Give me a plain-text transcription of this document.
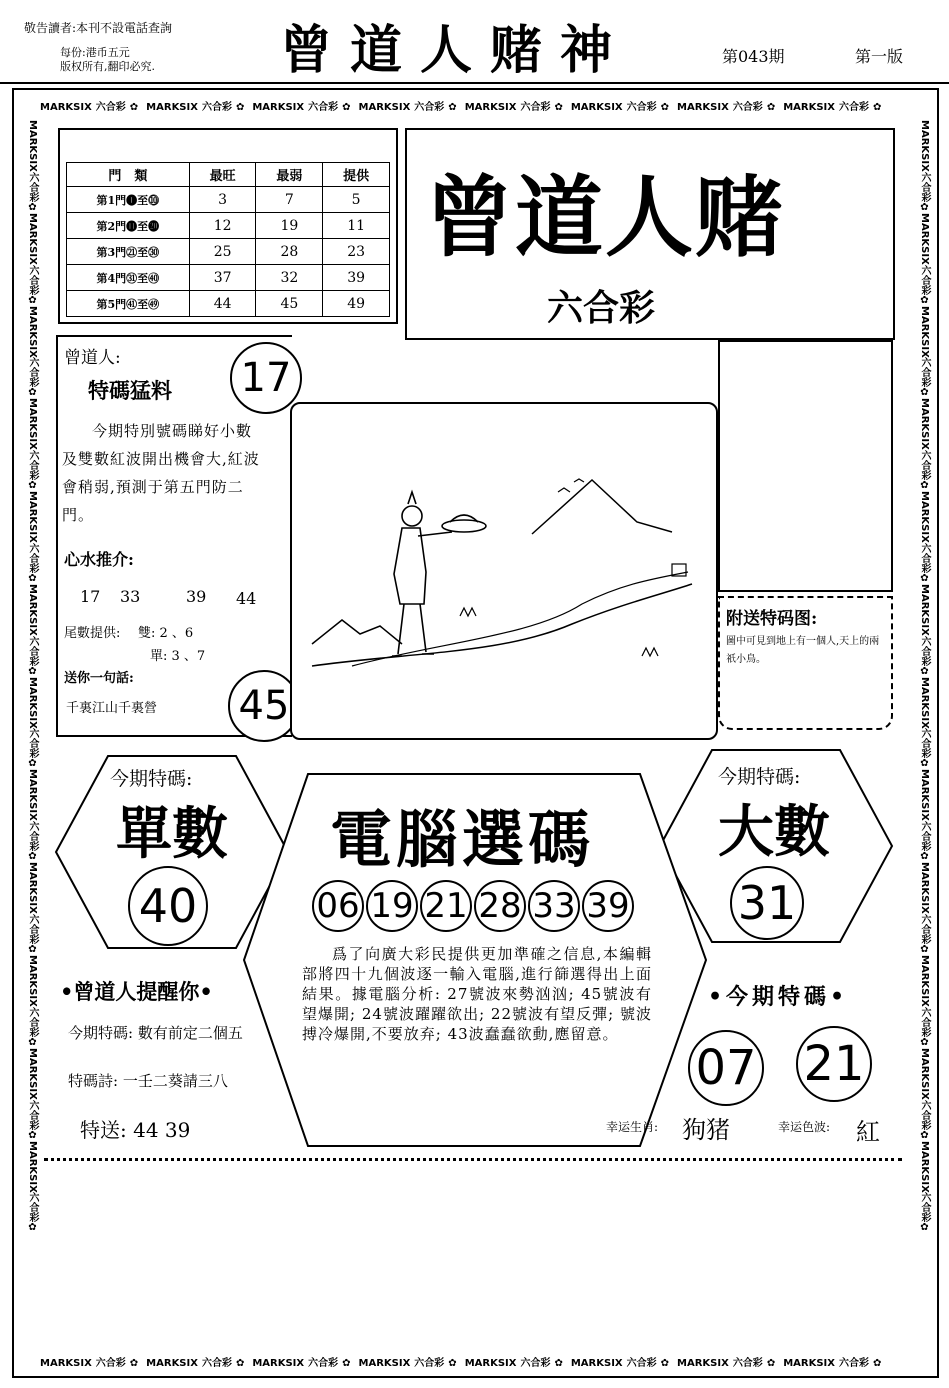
敬告讀者:本刊不設電話查詢
每份:港币五元
版权所有,翻印必究. 曾道人赌神	第043期	第一版
MARKSIX 六合彩 ✿ MARKSIX 六合彩 ✿ MARKSIX 六合彩 ✿ MARKSIX 六合彩 ✿ MARKSIX 六合彩 ✿ MARKSIX 六合彩 ✿ MARKSIX 六合彩 ✿ MARKSIX 六合彩 ✿
MARKSIX 六合彩 ✿ MARKSIX 六合彩 ✿ MARKSIX 六合彩 ✿ MARKSIX 六合彩 ✿ MARKSIX 六合彩 ✿ MARKSIX 六合彩 ✿ MARKSIX 六合彩 ✿ MARKSIX 六合彩 ✿
MARKSIX六合彩✿MARKSIX六合彩✿MARKSIX六合彩✿MARKSIX六合彩✿MARKSIX六合彩✿MARKSIX六合彩✿MARKSIX六合彩✿MARKSIX六合彩✿MARKSIX六合彩✿MARKSIX六合彩✿MARKSIX六合彩✿MARKSIX六合彩✿
MARKSIX六合彩✿MARKSIX六合彩✿MARKSIX六合彩✿MARKSIX六合彩✿MARKSIX六合彩✿MARKSIX六合彩✿MARKSIX六合彩✿MARKSIX六合彩✿MARKSIX六合彩✿MARKSIX六合彩✿MARKSIX六合彩✿MARKSIX六合彩✿
門　類	最旺	最弱	提供
第1門❶至⓾	3	7	5
第2門⓫至⓴	12	19	11
第3門㉑至㉚	25	28	23
第4門㉛至㊵	37	32	39
第5門㊶至㊾	44	45	49
曾道人赌
六合彩
曾道人:
特碼猛料
今期特別號碼睇好小數及雙數紅波開出機會大,紅波會稍弱,預測于第五門防二門。
心水推介:
17 33	39 44
尾數提供: 雙: 2 、6
單: 3 、7
送你一句話:
千裏江山千裏營
17
45
附送特码图:
圖中可見到地上有一個人,天上的兩祇小鳥。
今期特碼:
單數
40
今期特碼:
大數
31
電腦選碼
06 19 21 28 33 39
爲了向廣大彩民提供更加準確之信息,本編輯部將四十九個波逐一輸入電腦,進行篩選得出上面結果。據電腦分析: 27號波來勢汹汹; 45號波有望爆開; 24號波躍躍欲出; 22號波有望反彈; 號波搏冷爆開,不要放弃; 43波蠢蠢欲動,應留意。
•曾道人提醒你•
今期特碼: 數有前定二個五
特碼詩: 一壬二葵請三八
特送: 44 39
•今期特碼•
07 21
幸运生肖: 狗猪	幸运色波: 紅
